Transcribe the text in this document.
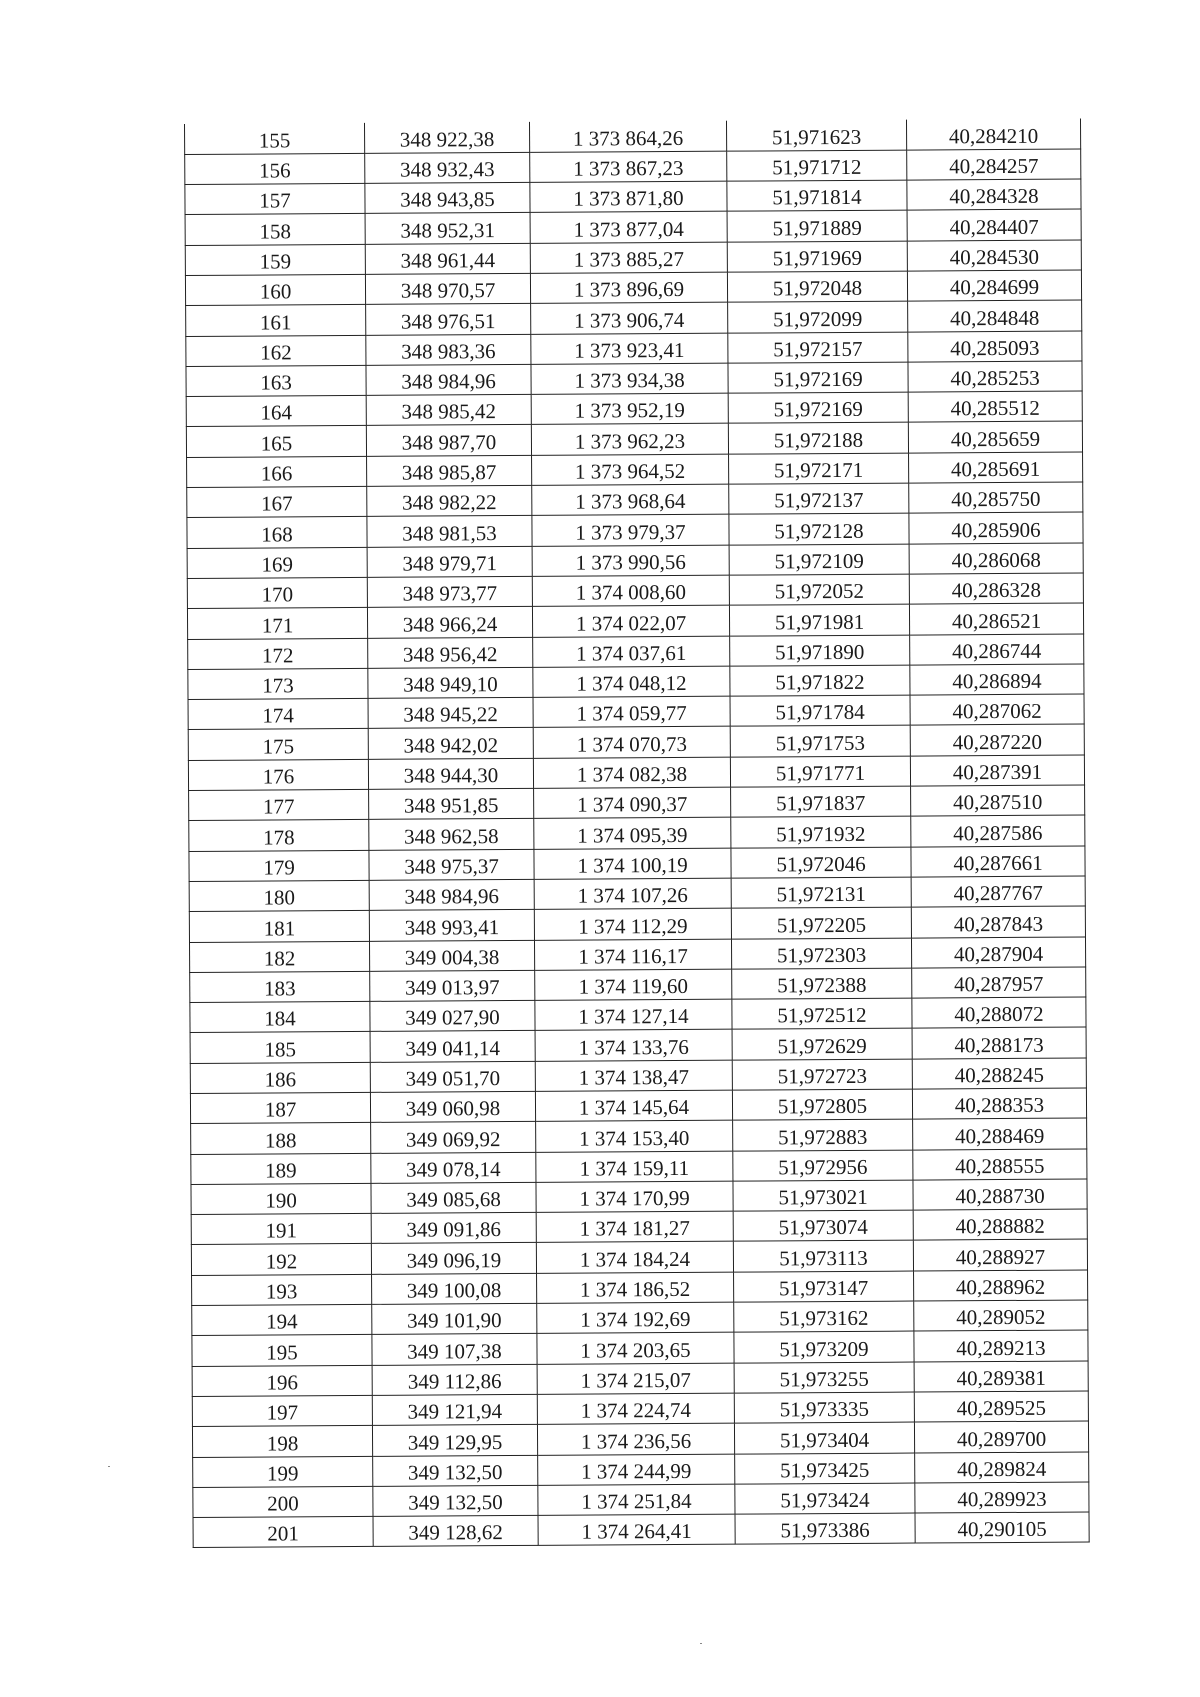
155	348 922,38	1 373 864,26	51,971623	40,284210
156	348 932,43	1 373 867,23	51,971712	40,284257
157	348 943,85	1 373 871,80	51,971814	40,284328
158	348 952,31	1 373 877,04	51,971889	40,284407
159	348 961,44	1 373 885,27	51,971969	40,284530
160	348 970,57	1 373 896,69	51,972048	40,284699
161	348 976,51	1 373 906,74	51,972099	40,284848
162	348 983,36	1 373 923,41	51,972157	40,285093
163	348 984,96	1 373 934,38	51,972169	40,285253
164	348 985,42	1 373 952,19	51,972169	40,285512
165	348 987,70	1 373 962,23	51,972188	40,285659
166	348 985,87	1 373 964,52	51,972171	40,285691
167	348 982,22	1 373 968,64	51,972137	40,285750
168	348 981,53	1 373 979,37	51,972128	40,285906
169	348 979,71	1 373 990,56	51,972109	40,286068
170	348 973,77	1 374 008,60	51,972052	40,286328
171	348 966,24	1 374 022,07	51,971981	40,286521
172	348 956,42	1 374 037,61	51,971890	40,286744
173	348 949,10	1 374 048,12	51,971822	40,286894
174	348 945,22	1 374 059,77	51,971784	40,287062
175	348 942,02	1 374 070,73	51,971753	40,287220
176	348 944,30	1 374 082,38	51,971771	40,287391
177	348 951,85	1 374 090,37	51,971837	40,287510
178	348 962,58	1 374 095,39	51,971932	40,287586
179	348 975,37	1 374 100,19	51,972046	40,287661
180	348 984,96	1 374 107,26	51,972131	40,287767
181	348 993,41	1 374 112,29	51,972205	40,287843
182	349 004,38	1 374 116,17	51,972303	40,287904
183	349 013,97	1 374 119,60	51,972388	40,287957
184	349 027,90	1 374 127,14	51,972512	40,288072
185	349 041,14	1 374 133,76	51,972629	40,288173
186	349 051,70	1 374 138,47	51,972723	40,288245
187	349 060,98	1 374 145,64	51,972805	40,288353
188	349 069,92	1 374 153,40	51,972883	40,288469
189	349 078,14	1 374 159,11	51,972956	40,288555
190	349 085,68	1 374 170,99	51,973021	40,288730
191	349 091,86	1 374 181,27	51,973074	40,288882
192	349 096,19	1 374 184,24	51,973113	40,288927
193	349 100,08	1 374 186,52	51,973147	40,288962
194	349 101,90	1 374 192,69	51,973162	40,289052
195	349 107,38	1 374 203,65	51,973209	40,289213
196	349 112,86	1 374 215,07	51,973255	40,289381
197	349 121,94	1 374 224,74	51,973335	40,289525
198	349 129,95	1 374 236,56	51,973404	40,289700
199	349 132,50	1 374 244,99	51,973425	40,289824
200	349 132,50	1 374 251,84	51,973424	40,289923
201	349 128,62	1 374 264,41	51,973386	40,290105
